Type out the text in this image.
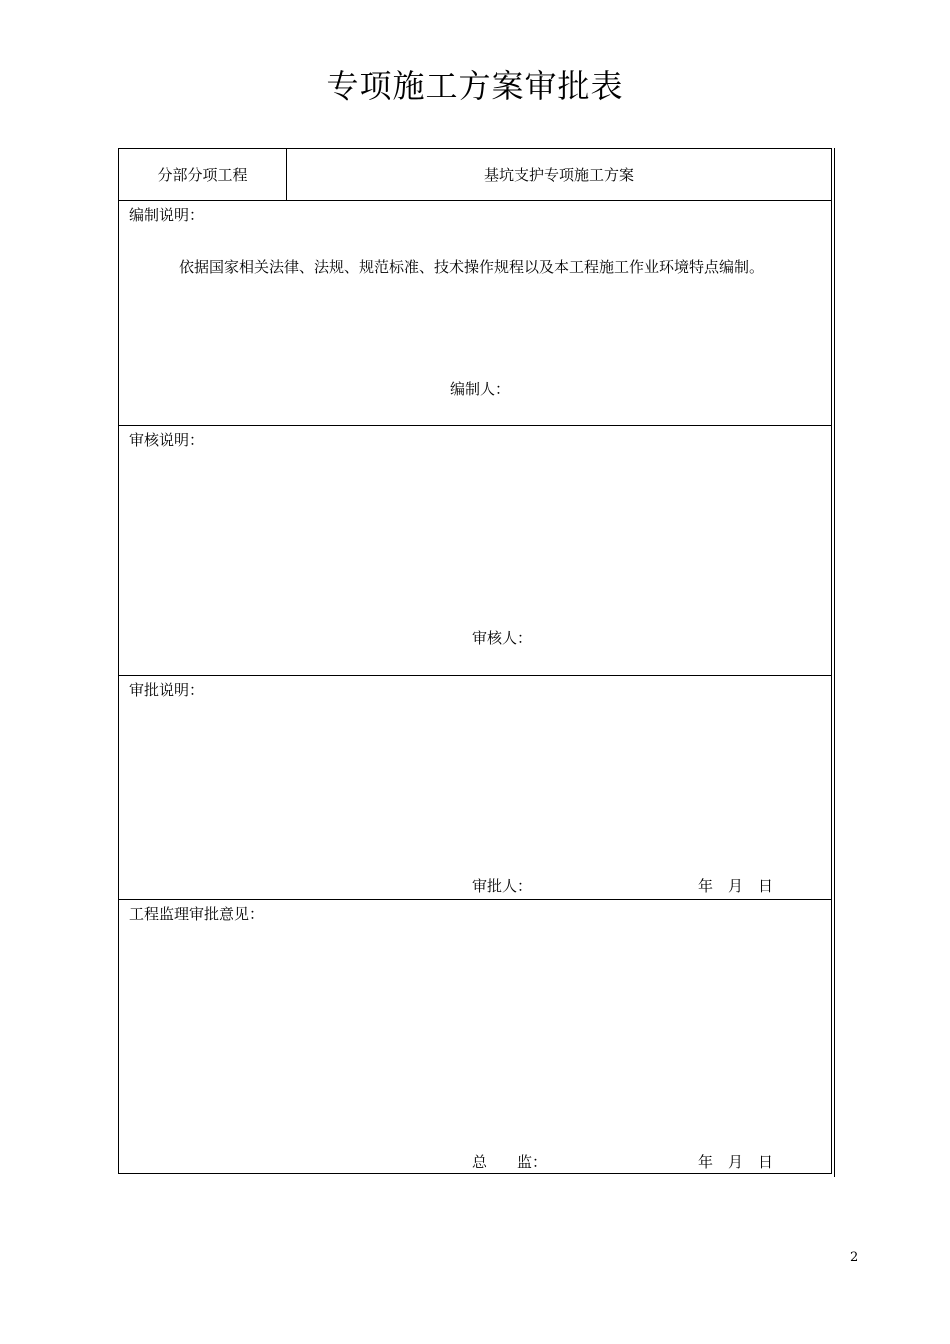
专项施工方案审批表
分部分项工程	基坑支护专项施工方案
编制说明：
依据国家相关法律、法规、规范标准、技术操作规程以及本工程施工作业环境特点编制。
编制人：
审核说明：
审核人：
审批说明：
审批人：	年　月　日
工程监理审批意见：
总　　监：	年　月　日
2
